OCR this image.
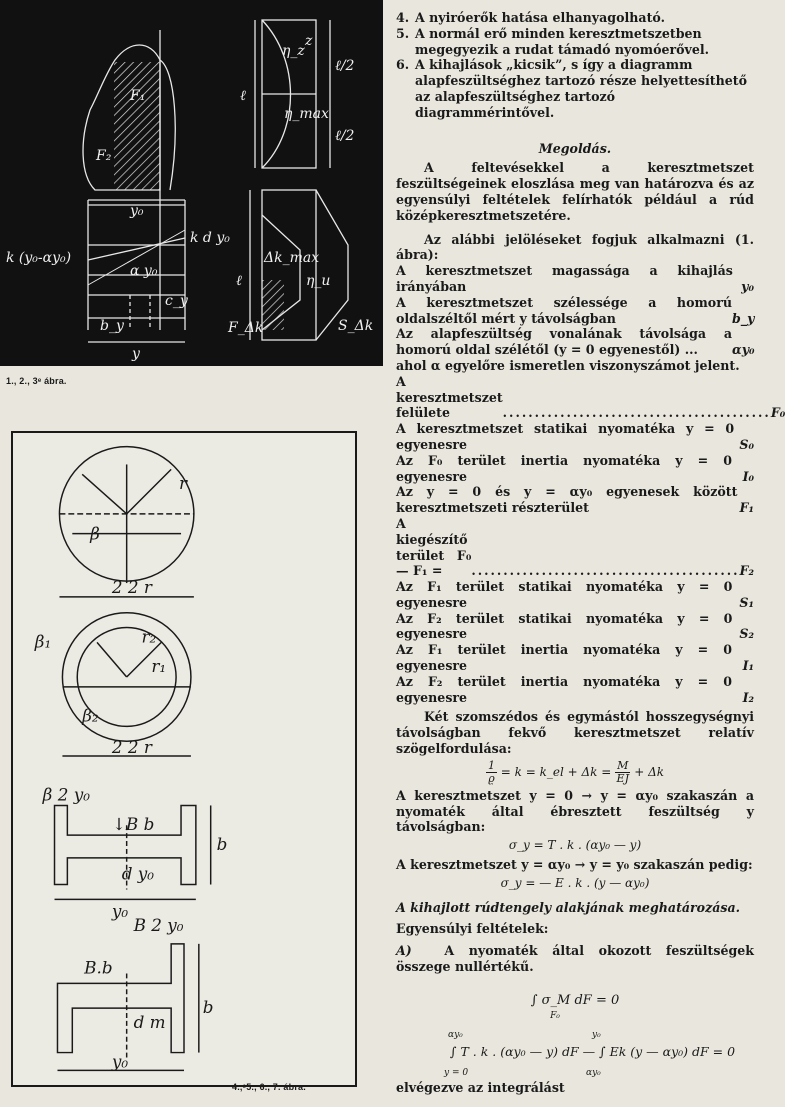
F₂
F₁
y₀
k d y₀
k (y₀-αy₀)
α y₀
c_y
b_y
y
ℓ
ℓ/2
ℓ/2
η_max
η_z
z
Δk_max
η_u
ℓ
F_Δk	S_Δk
1., 2., 3ᵉ ábra.
r
β
2 2 r
β₁
β₂
r₂
r₁
2 2 r
β 2 y₀
↓B b
b
d y₀
y₀
B.b
B 2 y₀
b
d m
y₀
4.,ᵉ5., 6., 7. ábra.
4. A nyiróerők hatása elhanyagolható.
5. A normál erő minden keresztmetszetben megegyezik a rudat támadó nyomóerővel.
6. A kihajlások „kicsik”, s így a diagramm alapfeszültséghez tartozó része helyettesíthető az alapfeszültséghez tartozó diagrammérintővel.
Megoldás.

A feltevésekkel a keresztmetszet feszültségeinek eloszlása meg van határozva és az egyensúlyi feltételek felírhatók például a rúd középkeresztmetszetére.

Az alábbi jelöléseket fogjuk alkalmazni (1. ábra):

A keresztmetszet magassága a kihajlás irányában	y₀
A keresztmetszet szélessége a homorú oldalszéltől mért y távolságban	b_y
Az alapfeszültség vonalának távolsága a homorú oldal szélétől (y = 0 egyenestől) ...	αy₀
ahol α egyelőre ismeretlen viszonyszámot jelent.
A keresztmetszet felülete	.......................................... F₀
A keresztmetszet statikai nyomatéka y = 0 egyenesre	S₀
Az F₀ terület inertia nyomatéka y = 0 egyenesre	I₀
Az y = 0 és y = αy₀ egyenesek között keresztmetszeti részterület	F₁
A kiegészítő terület F₀ — F₁ =	.......................................... F₂
Az F₁ terület statikai nyomatéka y = 0 egyenesre	S₁
Az F₂ terület statikai nyomatéka y = 0 egyenesre	S₂
Az F₁ terület inertia nyomatéka y = 0 egyenesre	I₁
Az F₂ terület inertia nyomatéka y = 0 egyenesre	I₂

Két szomszédos és egymástól hosszegységnyi távolságban fekvő keresztmetszet relatív szögelfordulása:

$\frac{1}{ϱ} = k$ = k_el + $\Delta k = \frac{M}{EJ} + \Delta k$

A keresztmetszet y = 0 → y = αy₀ szakaszán a nyomaték által ébresztett feszültség y távolságban:

σ_y = T . k . (αy₀ — y)

A keresztmetszet y = αy₀ → y = y₀ szakaszán pedig:

σ_y = — E . k . (y — αy₀)
A kihajlott rúdtengely alakjának meghatározása.
Egyensúlyi feltételek:
A)	A nyomaték által okozott feszültségek összege nullértékű.
∫ σ_M dF = 0
F₀
αy₀
y = 0
y₀
αy₀
∫ T . k . (αy₀ — y) dF — ∫ Ek (y — αy₀) dF = 0
elvégezve az integrálást
